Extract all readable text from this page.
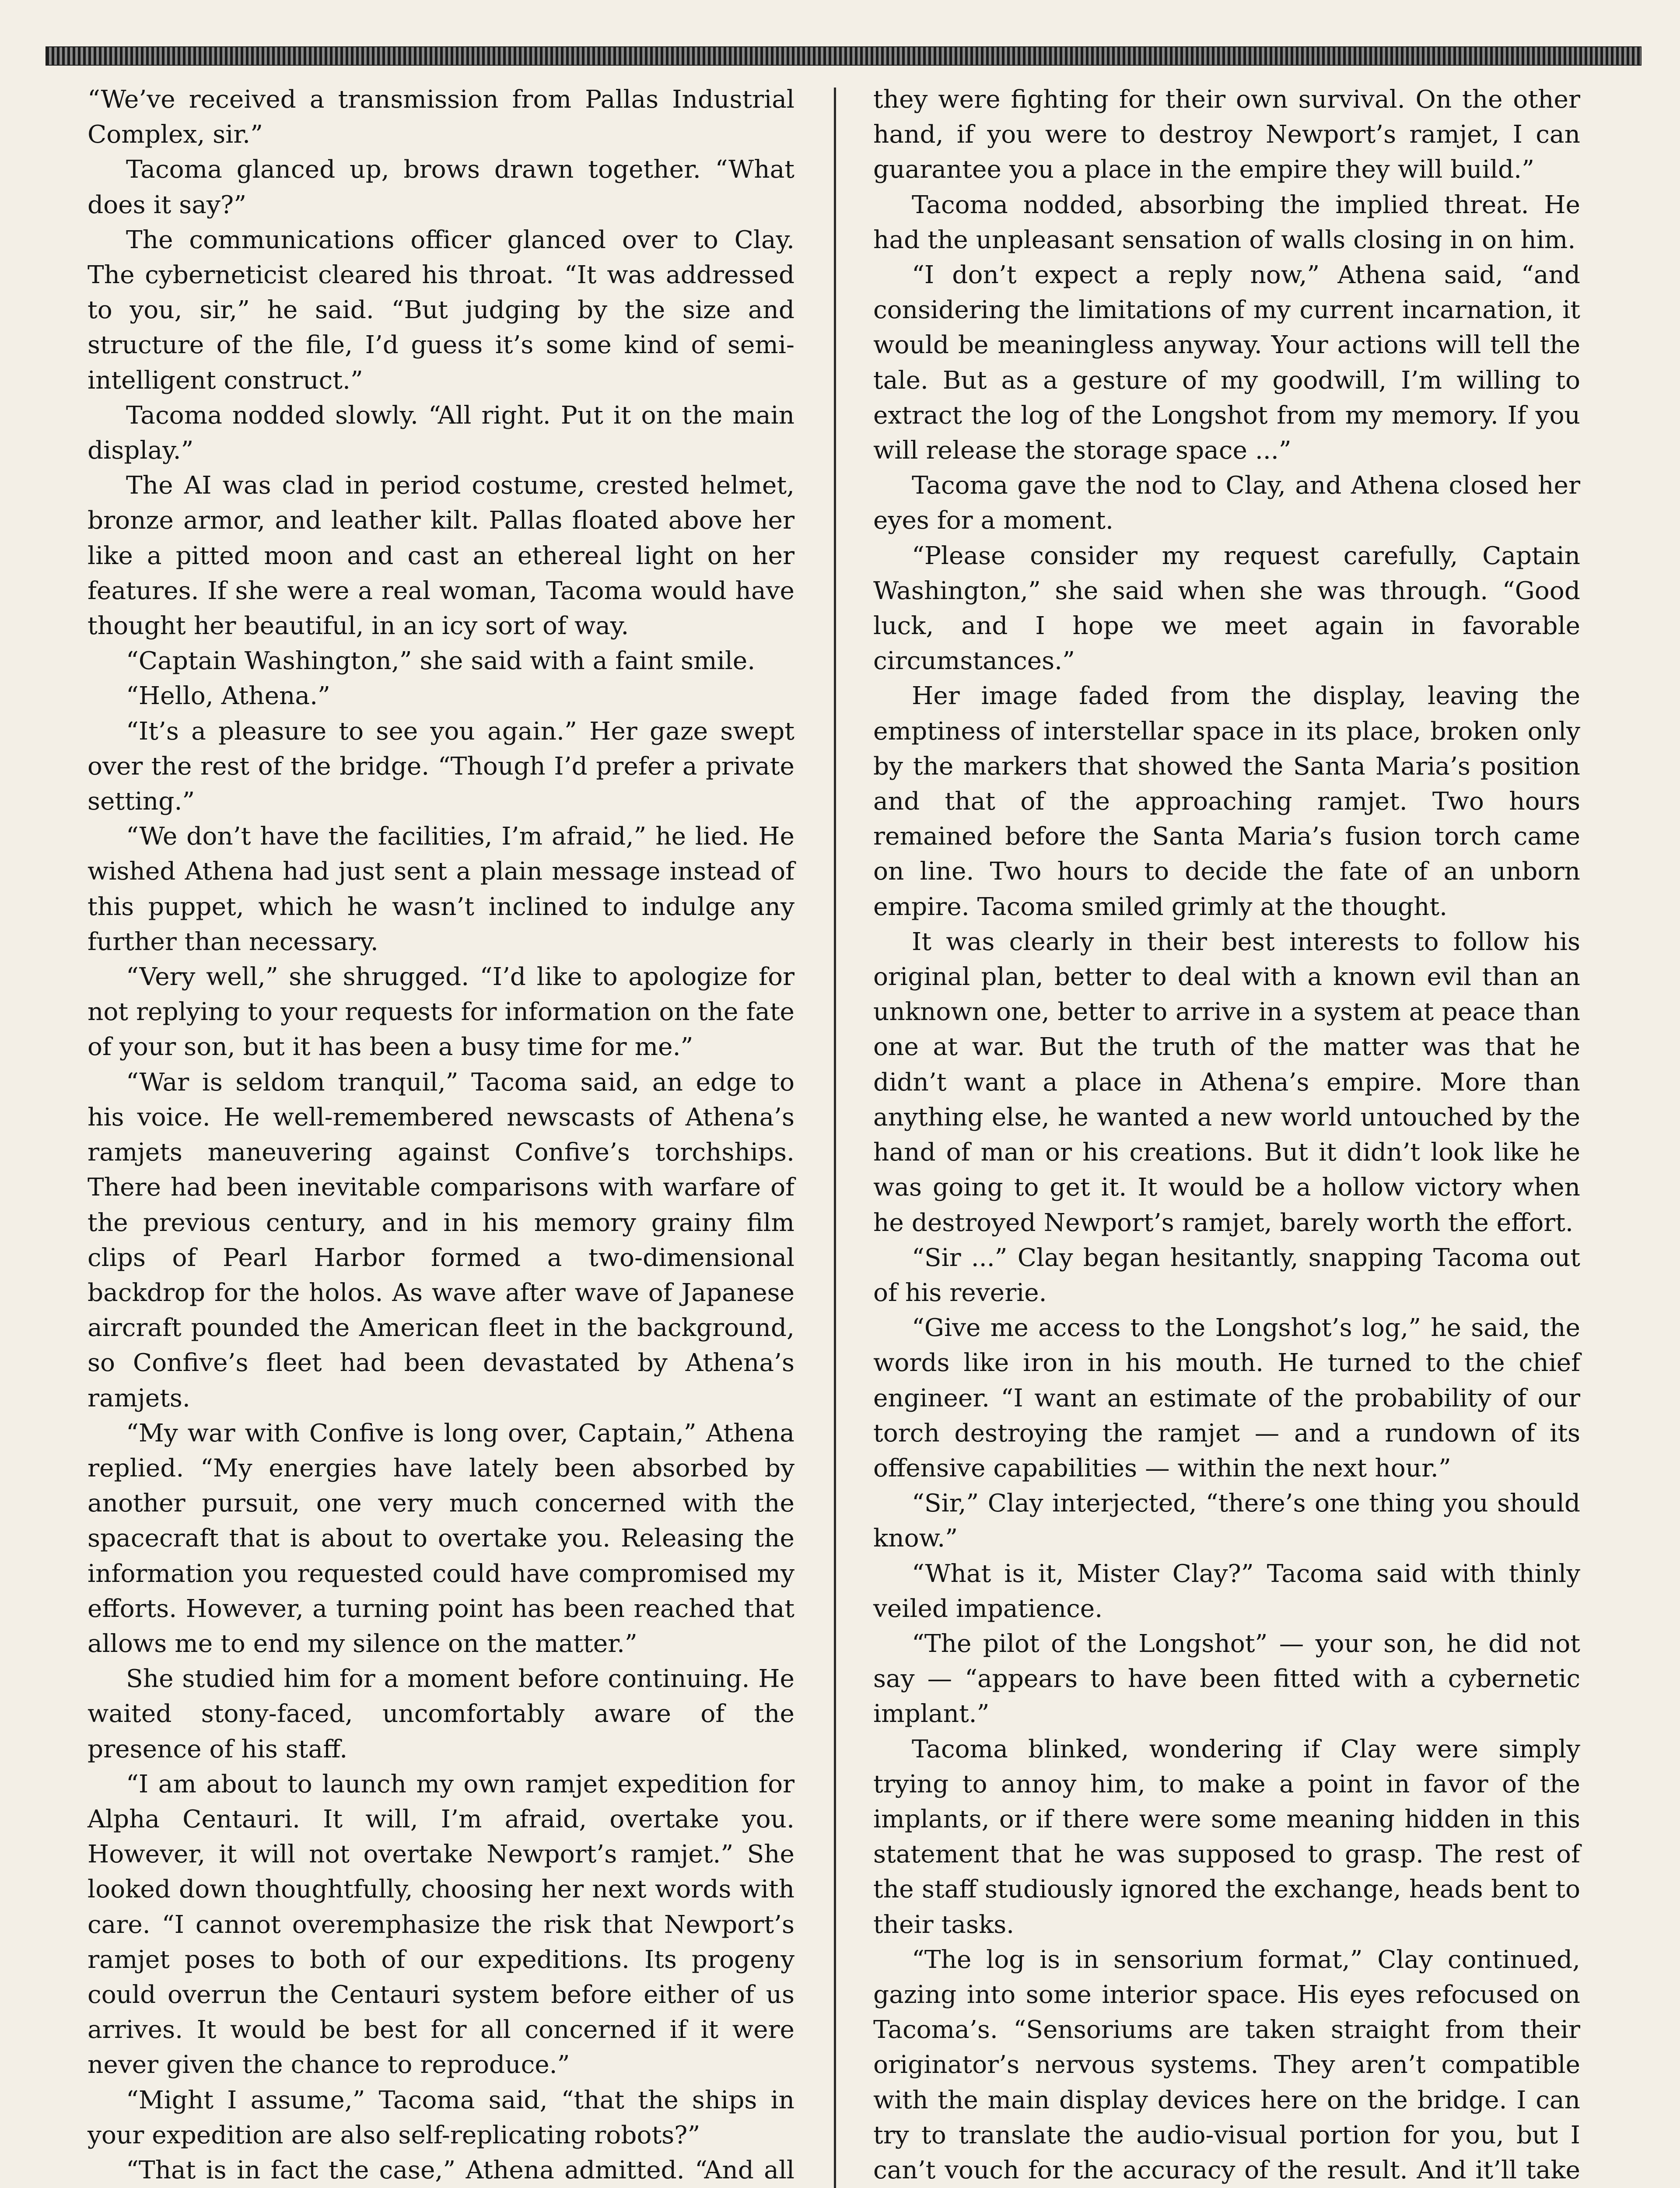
“We’ve received a transmission from Pallas Industrial Complex, sir.”

Tacoma glanced up, brows drawn together. “What does it say?”

The communications officer glanced over to Clay. The cyberneticist cleared his throat. “It was addressed to you, sir,” he said. “But judging by the size and structure of the file, I’d guess it’s some kind of semi-intelligent construct.”

Tacoma nodded slowly. “All right. Put it on the main display.”

The AI was clad in period costume, crested helmet, bronze armor, and leather kilt. Pallas floated above her like a pitted moon and cast an ethereal light on her features. If she were a real woman, Tacoma would have thought her beautiful, in an icy sort of way.

“Captain Washington,” she said with a faint smile.

“Hello, Athena.”

“It’s a pleasure to see you again.” Her gaze swept over the rest of the bridge. “Though I’d prefer a private setting.”

“We don’t have the facilities, I’m afraid,” he lied. He wished Athena had just sent a plain message instead of this puppet, which he wasn’t inclined to indulge any further than necessary.

“Very well,” she shrugged. “I’d like to apologize for not replying to your requests for information on the fate of your son, but it has been a busy time for me.”

“War is seldom tranquil,” Tacoma said, an edge to his voice. He well-remembered newscasts of Athena’s ramjets maneuvering against Confive’s torchships. There had been inevitable comparisons with warfare of the previous century, and in his memory grainy film clips of Pearl Harbor formed a two-dimensional backdrop for the holos. As wave after wave of Japanese aircraft pounded the American fleet in the background, so Confive’s fleet had been devastated by Athena’s ramjets.

“My war with Confive is long over, Captain,” Athena replied. “My energies have lately been absorbed by another pursuit, one very much concerned with the spacecraft that is about to overtake you. Releasing the information you requested could have compromised my efforts. However, a turning point has been reached that allows me to end my silence on the matter.”

She studied him for a moment before continuing. He waited stony-faced, uncomfortably aware of the presence of his staff.

“I am about to launch my own ramjet expedition for Alpha Centauri. It will, I’m afraid, overtake you. However, it will not overtake Newport’s ramjet.” She looked down thoughtfully, choosing her next words with care. “I cannot overemphasize the risk that Newport’s ramjet poses to both of our expeditions. Its progeny could overrun the Centauri system before either of us arrives. It would be best for all concerned if it were never given the chance to reproduce.”

“Might I assume,” Tacoma said, “that the ships in your expedition are also self-replicating robots?”

“That is in fact the case,” Athena admitted. “And all

they were fighting for their own survival. On the other hand, if you were to destroy Newport’s ramjet, I can guarantee you a place in the empire they will build.”

Tacoma nodded, absorbing the implied threat. He had the unpleasant sensation of walls closing in on him.

“I don’t expect a reply now,” Athena said, “and considering the limitations of my current incarnation, it would be meaningless anyway. Your actions will tell the tale. But as a gesture of my goodwill, I’m willing to extract the log of the Longshot from my memory. If you will release the storage space ...”

Tacoma gave the nod to Clay, and Athena closed her eyes for a moment.

“Please consider my request carefully, Captain Washington,” she said when she was through. “Good luck, and I hope we meet again in favorable circumstances.”

Her image faded from the display, leaving the emptiness of interstellar space in its place, broken only by the markers that showed the Santa Maria’s position and that of the approaching ramjet. Two hours remained before the Santa Maria’s fusion torch came on line. Two hours to decide the fate of an unborn empire. Tacoma smiled grimly at the thought.

It was clearly in their best interests to follow his original plan, better to deal with a known evil than an unknown one, better to arrive in a system at peace than one at war. But the truth of the matter was that he didn’t want a place in Athena’s empire. More than anything else, he wanted a new world untouched by the hand of man or his creations. But it didn’t look like he was going to get it. It would be a hollow victory when he destroyed Newport’s ramjet, barely worth the effort.

“Sir ...” Clay began hesitantly, snapping Tacoma out of his reverie.

“Give me access to the Longshot’s log,” he said, the words like iron in his mouth. He turned to the chief engineer. “I want an estimate of the probability of our torch destroying the ramjet — and a rundown of its offensive capabilities — within the next hour.”

“Sir,” Clay interjected, “there’s one thing you should know.”

“What is it, Mister Clay?” Tacoma said with thinly veiled impatience.

“The pilot of the Longshot” — your son, he did not say — “appears to have been fitted with a cybernetic implant.”

Tacoma blinked, wondering if Clay were simply trying to annoy him, to make a point in favor of the implants, or if there were some meaning hidden in this statement that he was supposed to grasp. The rest of the staff studiously ignored the exchange, heads bent to their tasks.

“The log is in sensorium format,” Clay continued, gazing into some interior space. His eyes refocused on Tacoma’s. “Sensoriums are taken straight from their originator’s nervous systems. They aren’t compatible with the main display devices here on the bridge. I can try to translate the audio-visual portion for you, but I can’t vouch for the accuracy of the result. And it’ll take
